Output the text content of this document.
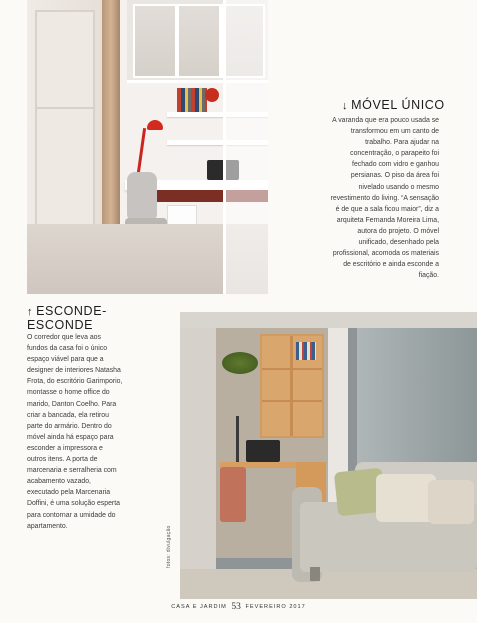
↓ MÓVEL ÚNICO
A varanda que era pouco usada se transformou em um canto de trabalho. Para ajudar na concentração, o parapeito foi fechado com vidro e ganhou persianas. O piso da área foi nivelado usando o mesmo revestimento do living. “A sensação é de que a sala ficou maior”, diz a arquiteta Fernanda Moreira Lima, autora do projeto. O móvel unificado, desenhado pela profissional, acomoda os materiais de escritório e ainda esconde a fiação.
↑ ESCONDE-
ESCONDE
O corredor que leva aos fundos da casa foi o único espaço viável para que a designer de interiores Natasha Frota, do escritório Garimporio, montasse o home office do marido, Danton Coelho. Para criar a bancada, ela retirou parte do armário. Dentro do móvel ainda há espaço para esconder a impressora e outros itens. A porta de marcenaria e serralheria com acabamento vazado, executado pela Marcenaria Doffini, é uma solução esperta para contornar a umidade do apartamento.	fotos: divulgação
CASA E JARDIM 53 FEVEREIRO 2017
